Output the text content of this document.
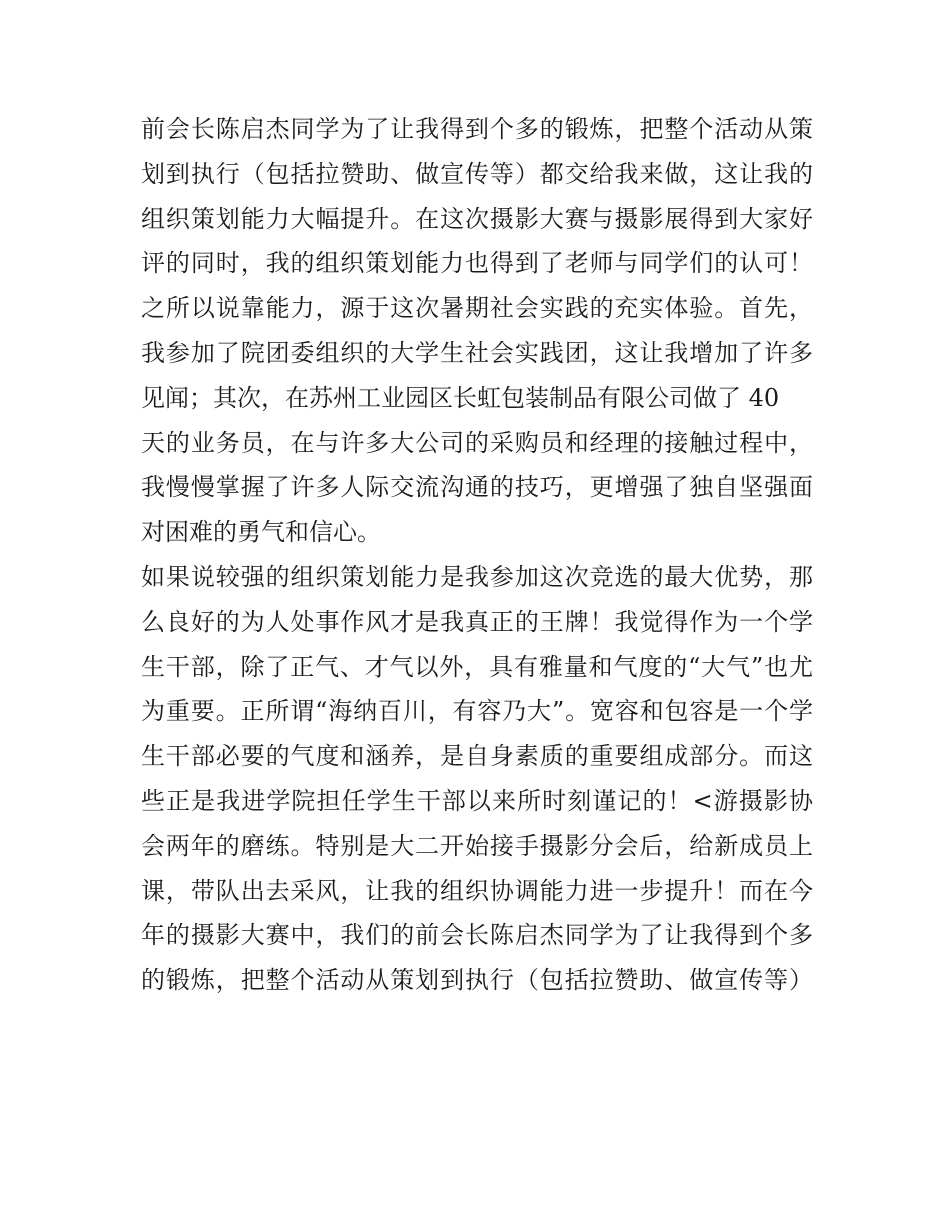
前会长陈启杰同学为了让我得到个多的锻炼，把整个活动从策
划到执行（包括拉赞助、做宣传等）都交给我来做，这让我的
组织策划能力大幅提升。在这次摄影大赛与摄影展得到大家好
评的同时，我的组织策划能力也得到了老师与同学们的认可！
之所以说靠能力，源于这次暑期社会实践的充实体验。首先，
我参加了院团委组织的大学生社会实践团，这让我增加了许多
见闻；其次，在苏州工业园区长虹包装制品有限公司做了 40
天的业务员，在与许多大公司的采购员和经理的接触过程中，
我慢慢掌握了许多人际交流沟通的技巧，更增强了独自坚强面
对困难的勇气和信心。
如果说较强的组织策划能力是我参加这次竞选的最大优势，那
么良好的为人处事作风才是我真正的王牌！我觉得作为一个学
生干部，除了正气、才气以外，具有雅量和气度的“大气”也尤
为重要。正所谓“海纳百川，有容乃大”。宽容和包容是一个学
生干部必要的气度和涵养，是自身素质的重要组成部分。而这
些正是我进学院担任学生干部以来所时刻谨记的！<游摄影协
会两年的磨练。特别是大二开始接手摄影分会后，给新成员上
课，带队出去采风，让我的组织协调能力进一步提升！而在今
年的摄影大赛中，我们的前会长陈启杰同学为了让我得到个多
的锻炼，把整个活动从策划到执行（包括拉赞助、做宣传等）
